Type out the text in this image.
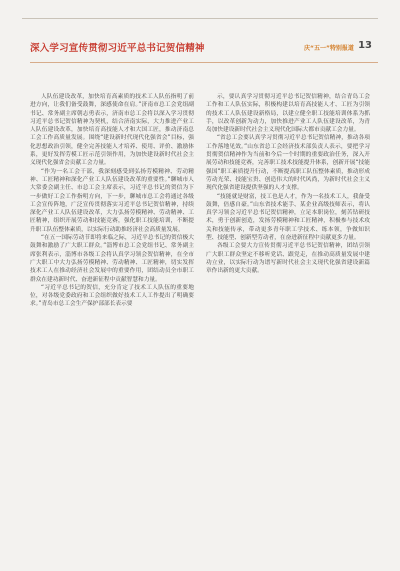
深入学习宣传贯彻习近平总书记贺信精神	庆“五一”特别报道 13

人队伍建设改革，加快培育高素质的技术工人队伍指明了前进方向，让我们备受鼓舞，深感使命在肩。”济南市总工会党组副书记、常务副主席朝志勇表示，济南市总工会将以深入学习贯彻习近平总书记贺信精神为契机，结合济南实际，大力推进产业工人队伍建设改革，加快培育高技能人才和大国工匠，推动济南总工会工作高质量发展。围绕“建设新时代现代化强省会”目标，强化思想政治引领，健全完善技能人才培养、使用、评价、激励体系，更好发挥劳模工匠示范引领作用，为加快建设新时代社会主义现代化强省会贡献工会力量。

“作为一名工会干部，我深刻感受到弘扬劳模精神、劳动精神、工匠精神和深化产业工人队伍建设改革的重要性。”聊城市人大常委会副主任、市总工会主席表示，习近平总书记的贺信为下一步做好工会工作指明方向，下一步，聊城市总工会将通过各级工会宣传阵地，广泛宣传贯彻落实习近平总书记贺信精神，持续深化产业工人队伍建设改革，大力弘扬劳模精神、劳动精神、工匠精神，组织开展劳动和技能竞赛，强化职工技能培训，不断提升职工队伍整体素质，以实际行动助推经济社会高质量发展。

“在五一国际劳动节即将来临之际，习近平总书记的贺信极大鼓舞和激励了广大职工群众。”淄博市总工会党组书记、常务副主席张利表示，淄博市各级工会将认真学习领会贺信精神，在全市广大职工中大力弘扬劳模精神、劳动精神、工匠精神，切实发挥技术工人在推动经济社会发展中的重要作用，团结动员全市职工群众在建功新时代、奋进新征程中贡献智慧和力量。

“习近平总书记的贺信，充分肯定了技术工人队伍的重要地位，对各级党委政府和工会组织做好技术工人工作提出了明确要求。”青岛市总工会生产保护部部长表示要

示，要认真学习贯彻习近平总书记贺信精神，结合青岛工会工作和工人队伍实际，积极构建以培育高技能人才、工匠为引领的技术工人队伍建设新格局，以建立健全职工技能培训体系为抓手，以改革创新为动力，加快推进产业工人队伍建设改革，为青岛加快建设新时代社会主义现代化国际大都市贡献工会力量。

“省总工会要认真学习贯彻习近平总书记贺信精神，推动各项工作落地见效。”山东省总工会经济技术部负责人表示，要把学习贯彻贺信精神作为当前和今后一个时期的重要政治任务，深入开展劳动和技能竞赛，完善职工技术技能提升体系，创新开展“技能强国”职工素质提升行动，不断提高职工队伍整体素质，推动形成劳动光荣、技能宝贵、创造伟大的时代风尚，为新时代社会主义现代化强省建设提供坚强的人才支撑。

“技能就是财富，技工也是人才，作为一名技术工人，我备受鼓舞，倍感自豪。”山东省技术能手、某企业高级技师表示，将认真学习领会习近平总书记贺信精神，立足本职岗位，刻苦钻研技术，勇于创新创造，发扬劳模精神和工匠精神，积极参与技术攻关和技能传承，带动更多青年职工学技术、练本领，争做知识型、技能型、创新型劳动者，在奋进新征程中贡献更多力量。

各级工会要大力宣传贯彻习近平总书记贺信精神，团结引领广大职工群众坚定不移听党话、跟党走，在推动高质量发展中建功立业，以实际行动为谱写新时代社会主义现代化强省建设新篇章作出新的更大贡献。
